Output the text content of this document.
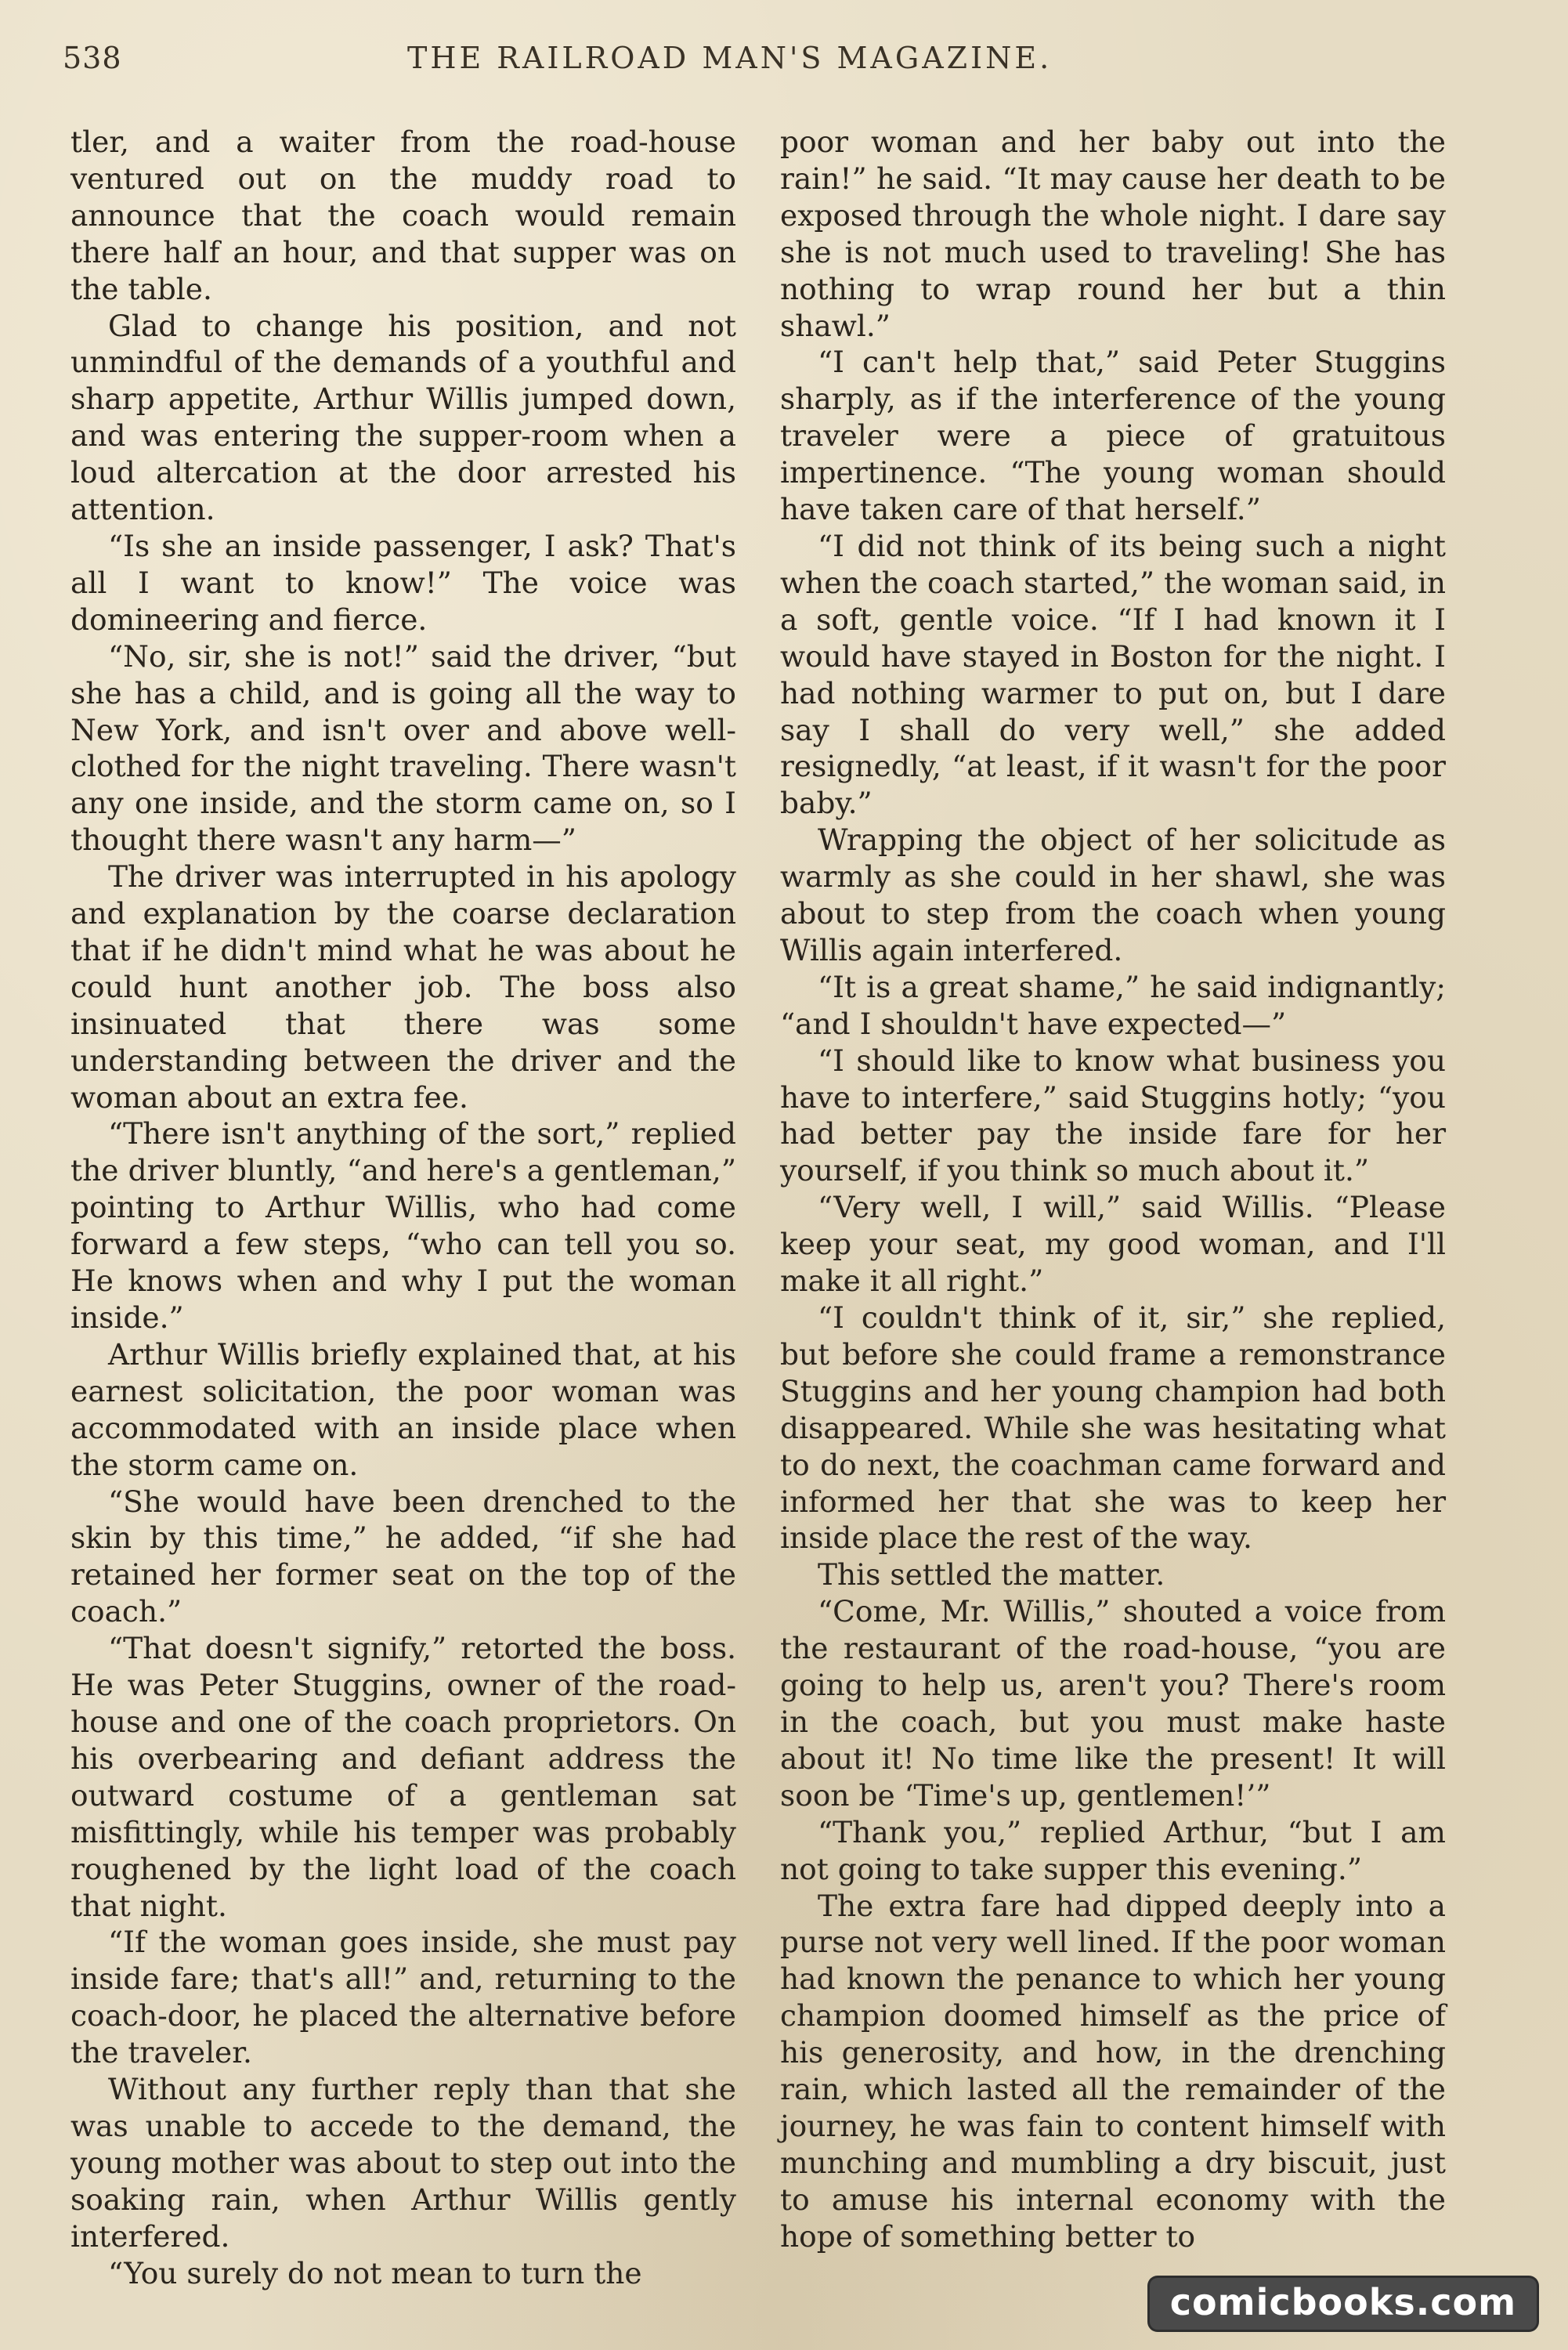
538	THE RAILROAD MAN'S MAGAZINE.

tler, and a waiter from the road-house ventured out on the muddy road to announce that the coach would remain there half an hour, and that supper was on the table.

Glad to change his position, and not unmindful of the demands of a youthful and sharp appetite, Arthur Willis jumped down, and was entering the supper-room when a loud altercation at the door arrested his attention.

“Is she an inside passenger, I ask? That's all I want to know!” The voice was domineering and fierce.

“No, sir, she is not!” said the driver, “but she has a child, and is going all the way to New York, and isn't over and above well-clothed for the night traveling. There wasn't any one inside, and the storm came on, so I thought there wasn't any harm—”

The driver was interrupted in his apology and explanation by the coarse declaration that if he didn't mind what he was about he could hunt another job. The boss also insinuated that there was some understanding between the driver and the woman about an extra fee.

“There isn't anything of the sort,” replied the driver bluntly, “and here's a gentleman,” pointing to Arthur Willis, who had come forward a few steps, “who can tell you so. He knows when and why I put the woman inside.”

Arthur Willis briefly explained that, at his earnest solicitation, the poor woman was accommodated with an inside place when the storm came on.

“She would have been drenched to the skin by this time,” he added, “if she had retained her former seat on the top of the coach.”

“That doesn't signify,” retorted the boss. He was Peter Stuggins, owner of the road-house and one of the coach proprietors. On his overbearing and defiant address the outward costume of a gentleman sat misfittingly, while his temper was probably roughened by the light load of the coach that night.

“If the woman goes inside, she must pay inside fare; that's all!” and, returning to the coach-door, he placed the alternative before the traveler.

Without any further reply than that she was unable to accede to the demand, the young mother was about to step out into the soaking rain, when Arthur Willis gently interfered.

“You surely do not mean to turn the

poor woman and her baby out into the rain!” he said. “It may cause her death to be exposed through the whole night. I dare say she is not much used to traveling! She has nothing to wrap round her but a thin shawl.”

“I can't help that,” said Peter Stuggins sharply, as if the interference of the young traveler were a piece of gratuitous impertinence. “The young woman should have taken care of that herself.”

“I did not think of its being such a night when the coach started,” the woman said, in a soft, gentle voice. “If I had known it I would have stayed in Boston for the night. I had nothing warmer to put on, but I dare say I shall do very well,” she added resignedly, “at least, if it wasn't for the poor baby.”

Wrapping the object of her solicitude as warmly as she could in her shawl, she was about to step from the coach when young Willis again interfered.

“It is a great shame,” he said indignantly; “and I shouldn't have expected—”

“I should like to know what business you have to interfere,” said Stuggins hotly; “you had better pay the inside fare for her yourself, if you think so much about it.”

“Very well, I will,” said Willis. “Please keep your seat, my good woman, and I'll make it all right.”

“I couldn't think of it, sir,” she replied, but before she could frame a remonstrance Stuggins and her young champion had both disappeared. While she was hesitating what to do next, the coachman came forward and informed her that she was to keep her inside place the rest of the way.

This settled the matter.

“Come, Mr. Willis,” shouted a voice from the restaurant of the road-house, “you are going to help us, aren't you? There's room in the coach, but you must make haste about it! No time like the present! It will soon be ‘Time's up, gentlemen!’”

“Thank you,” replied Arthur, “but I am not going to take supper this evening.”

The extra fare had dipped deeply into a purse not very well lined. If the poor woman had known the penance to which her young champion doomed himself as the price of his generosity, and how, in the drenching rain, which lasted all the remainder of the journey, he was fain to content himself with munching and mumbling a dry biscuit, just to amuse his internal economy with the hope of something better to

comicbooks.com
